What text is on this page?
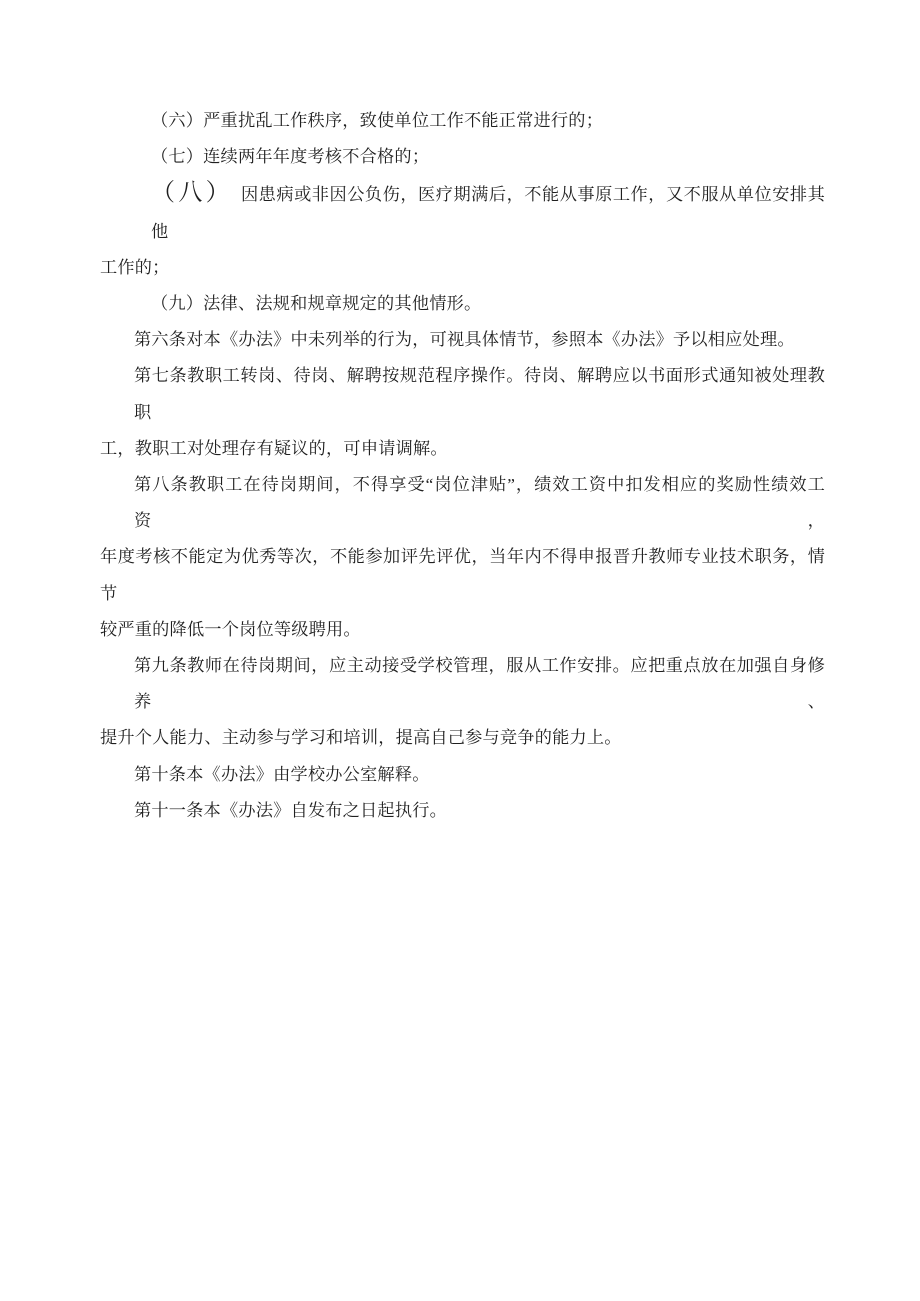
（六）严重扰乱工作秩序，致使单位工作不能正常进行的；
（七）连续两年年度考核不合格的；
（八） 因患病或非因公负伤，医疗期满后，不能从事原工作，又不服从单位安排其他
工作的；
（九）法律、法规和规章规定的其他情形。
第六条对本《办法》中未列举的行为，可视具体情节，参照本《办法》予以相应处理。
第七条教职工转岗、待岗、解聘按规范程序操作。待岗、解聘应以书面形式通知被处理教职
工，教职工对处理存有疑议的，可申请调解。
第八条教职工在待岗期间，不得享受“岗位津贴”，绩效工资中扣发相应的奖励性绩效工资，
年度考核不能定为优秀等次，不能参加评先评优，当年内不得申报晋升教师专业技术职务，情节
较严重的降低一个岗位等级聘用。
第九条教师在待岗期间，应主动接受学校管理，服从工作安排。应把重点放在加强自身修养、
提升个人能力、主动参与学习和培训，提高自己参与竞争的能力上。
第十条本《办法》由学校办公室解释。
第十一条本《办法》自发布之日起执行。
